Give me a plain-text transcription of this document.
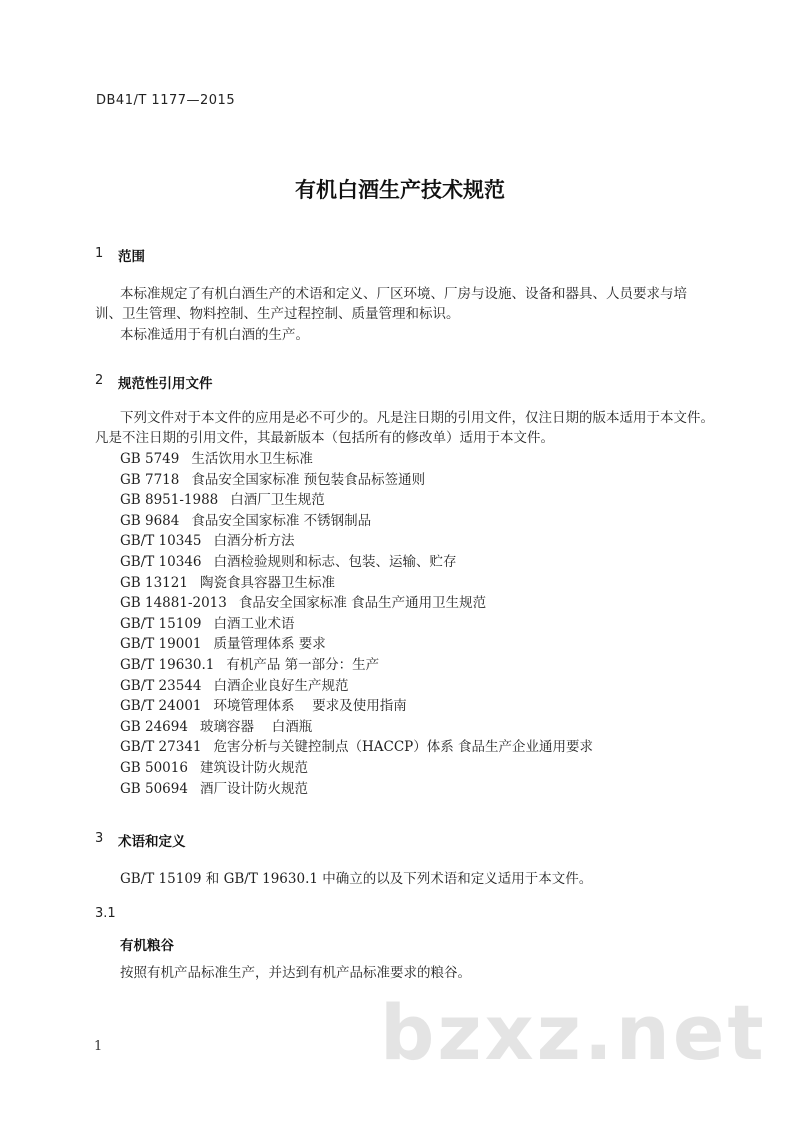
DB41/T 1177—2015
有机白酒生产技术规范
1 范围
本标准规定了有机白酒生产的术语和定义、厂区环境、厂房与设施、设备和器具、人员要求与培
训、卫生管理、物料控制、生产过程控制、质量管理和标识。
本标准适用于有机白酒的生产。
2 规范性引用文件
下列文件对于本文件的应用是必不可少的。凡是注日期的引用文件，仅注日期的版本适用于本文件。
凡是不注日期的引用文件，其最新版本（包括所有的修改单）适用于本文件。
GB 5749 生活饮用水卫生标准
GB 7718 食品安全国家标准 预包装食品标签通则
GB 8951-1988 白酒厂卫生规范
GB 9684 食品安全国家标准 不锈钢制品
GB/T 10345 白酒分析方法
GB/T 10346 白酒检验规则和标志、包装、运输、贮存
GB 13121 陶瓷食具容器卫生标准
GB 14881-2013 食品安全国家标准 食品生产通用卫生规范
GB/T 15109 白酒工业术语
GB/T 19001 质量管理体系 要求
GB/T 19630.1 有机产品 第一部分：生产
GB/T 23544 白酒企业良好生产规范
GB/T 24001 环境管理体系　 要求及使用指南
GB 24694 玻璃容器　 白酒瓶
GB/T 27341 危害分析与关键控制点（HACCP）体系 食品生产企业通用要求
GB 50016 建筑设计防火规范
GB 50694 酒厂设计防火规范
3 术语和定义
GB/T 15109 和 GB/T 19630.1 中确立的以及下列术语和定义适用于本文件。
3.1
有机粮谷
按照有机产品标准生产，并达到有机产品标准要求的粮谷。
bzxz.net
1
